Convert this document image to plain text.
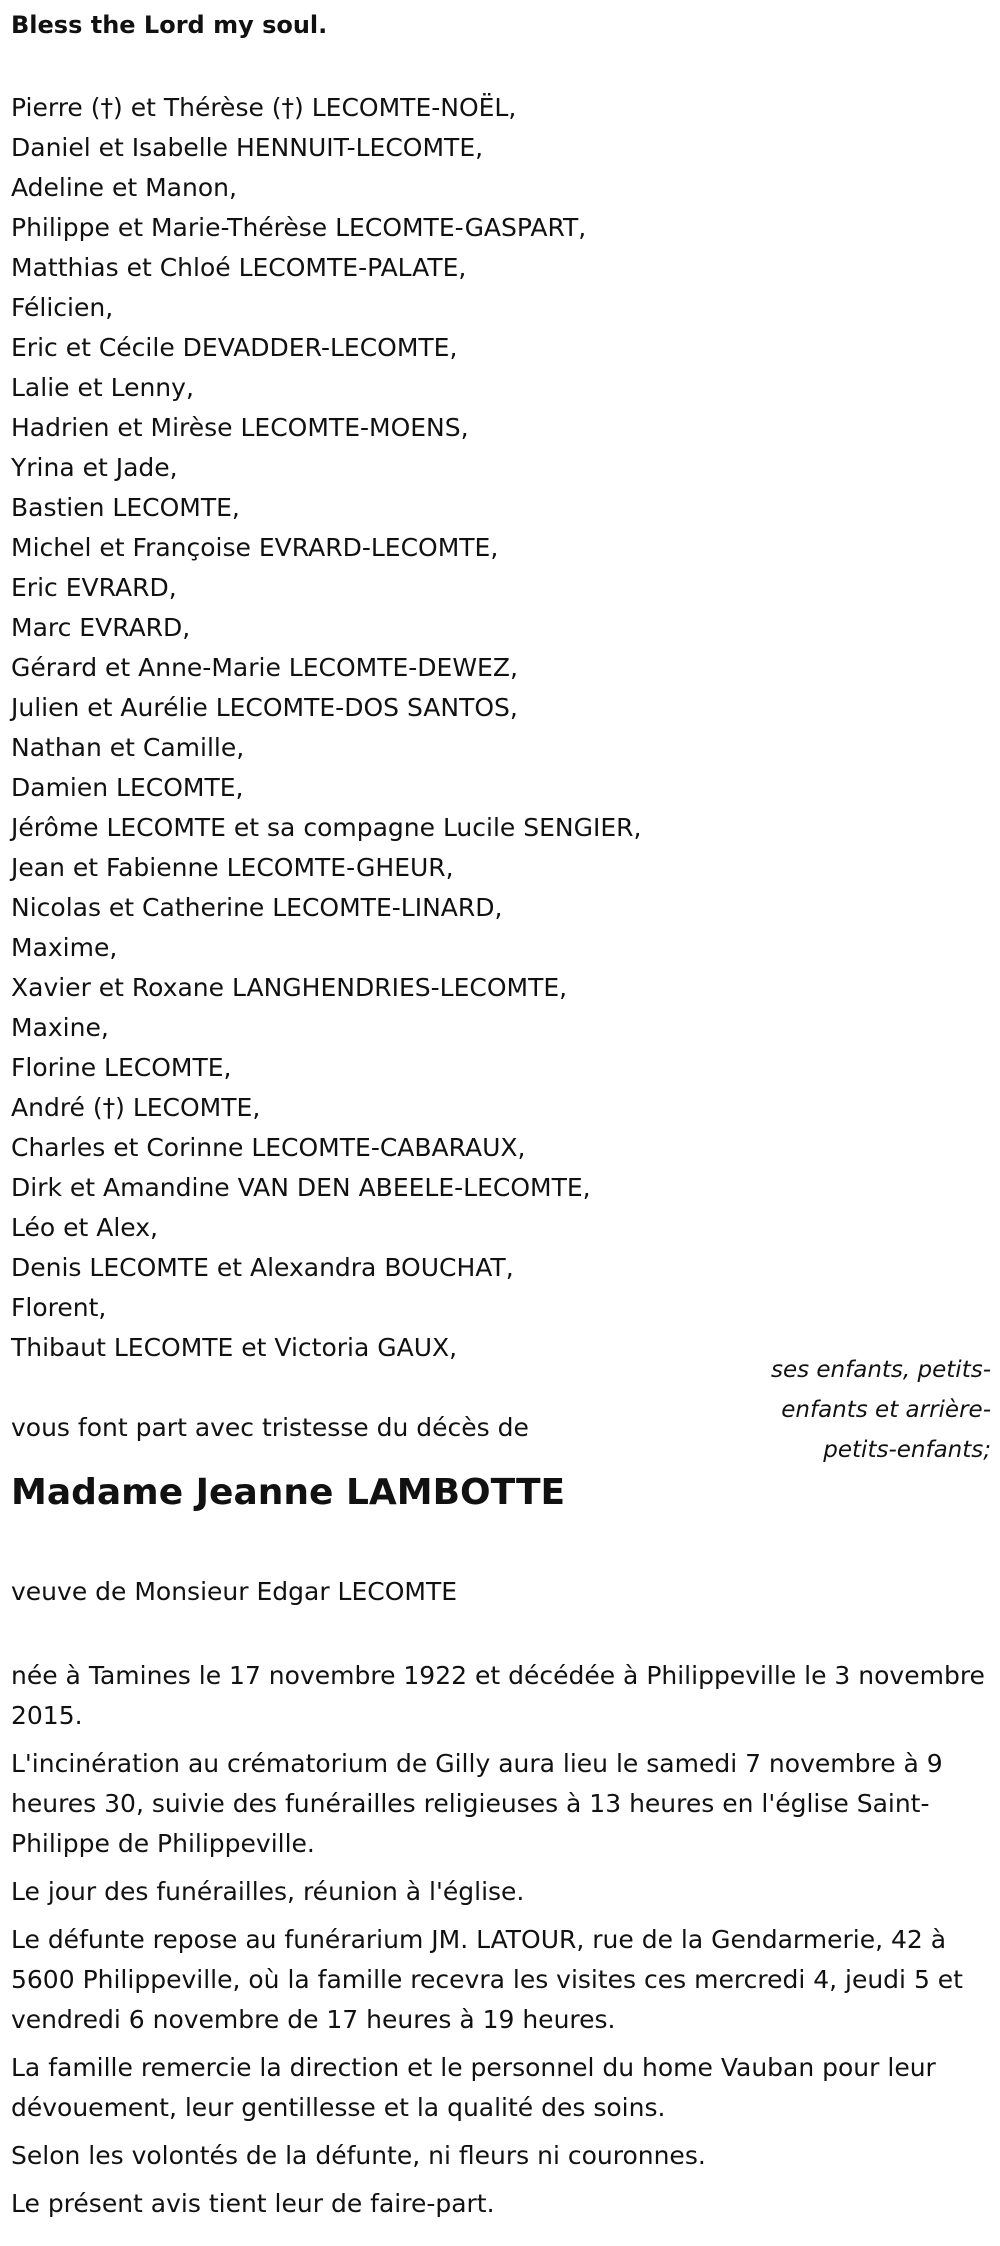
Bless the Lord my soul.
Pierre (†) et Thérèse (†) LECOMTE-NOËL,
Daniel et Isabelle HENNUIT-LECOMTE,
Adeline et Manon,
Philippe et Marie-Thérèse LECOMTE-GASPART,
Matthias et Chloé LECOMTE-PALATE,
Félicien,
Eric et Cécile DEVADDER-LECOMTE,
Lalie et Lenny,
Hadrien et Mirèse LECOMTE-MOENS,
Yrina et Jade,
Bastien LECOMTE,
Michel et Françoise EVRARD-LECOMTE,
Eric EVRARD,
Marc EVRARD,
Gérard et Anne-Marie LECOMTE-DEWEZ,
Julien et Aurélie LECOMTE-DOS SANTOS,
Nathan et Camille,
Damien LECOMTE,
Jérôme LECOMTE et sa compagne Lucile SENGIER,
Jean et Fabienne LECOMTE-GHEUR,
Nicolas et Catherine LECOMTE-LINARD,
Maxime,
Xavier et Roxane LANGHENDRIES-LECOMTE,
Maxine,
Florine LECOMTE,
André (†) LECOMTE,
Charles et Corinne LECOMTE-CABARAUX,
Dirk et Amandine VAN DEN ABEELE-LECOMTE,
Léo et Alex,
Denis LECOMTE et Alexandra BOUCHAT,
Florent,
Thibaut LECOMTE et Victoria GAUX,
vous font part avec tristesse du décès de
ses enfants, petits-enfants et arrière-petits-enfants;
Madame Jeanne LAMBOTTE
veuve de Monsieur Edgar LECOMTE

née à Tamines le 17 novembre 1922 et décédée à Philippeville le 3 novembre 2015.

L'incinération au crématorium de Gilly aura lieu le samedi 7 novembre à 9 heures 30, suivie des funérailles religieuses à 13 heures en l'église Saint-Philippe de Philippeville.

Le jour des funérailles, réunion à l'église.

Le défunte repose au funérarium JM. LATOUR, rue de la Gendarmerie, 42 à 5600 Philippeville, où la famille recevra les visites ces mercredi 4, jeudi 5 et vendredi 6 novembre de 17 heures à 19 heures.

La famille remercie la direction et le personnel du home Vauban pour leur dévouement, leur gentillesse et la qualité des soins.

Selon les volontés de la défunte, ni fleurs ni couronnes.

Le présent avis tient leur de faire-part.
